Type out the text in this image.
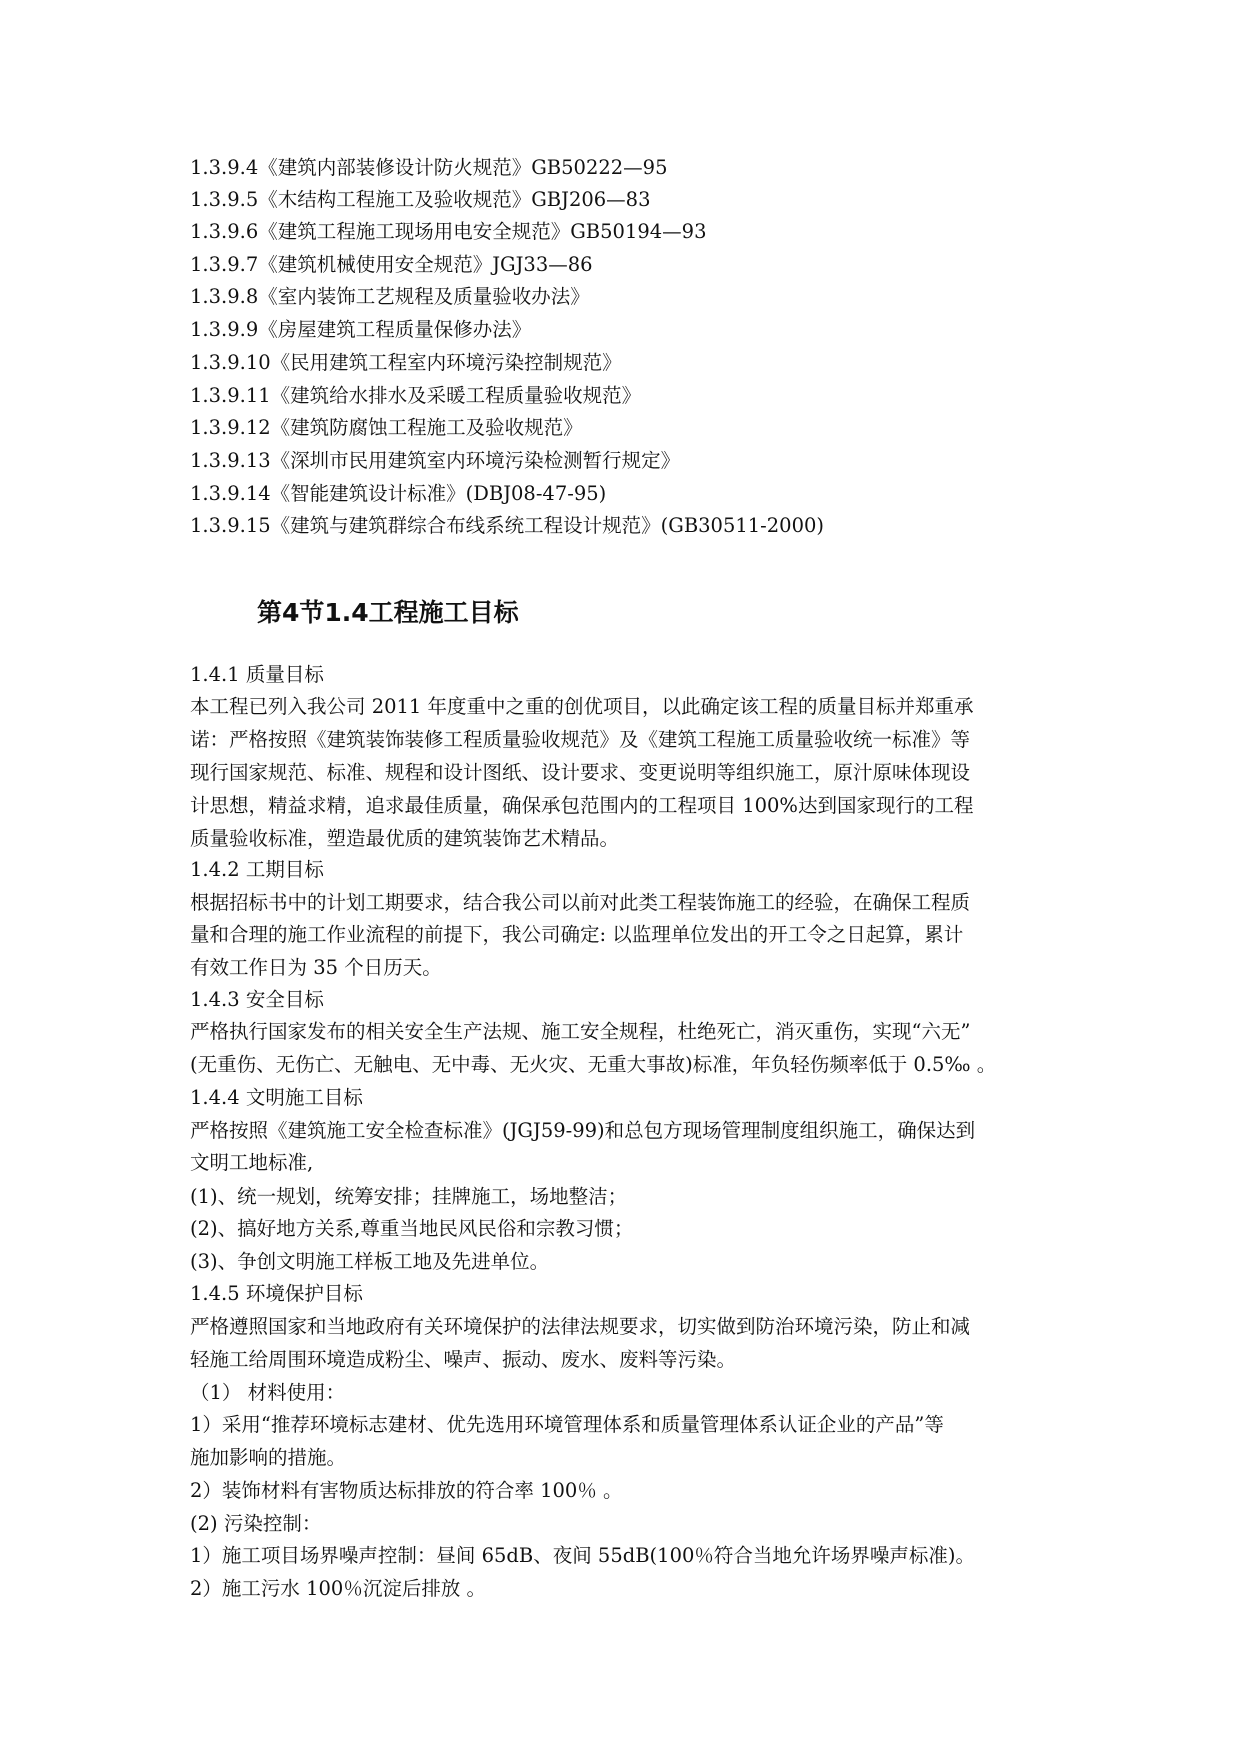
1.3.9.4《建筑内部装修设计防火规范》GB50222—95
1.3.9.5《木结构工程施工及验收规范》GBJ206—83
1.3.9.6《建筑工程施工现场用电安全规范》GB50194—93
1.3.9.7《建筑机械使用安全规范》JGJ33—86
1.3.9.8《室内装饰工艺规程及质量验收办法》
1.3.9.9《房屋建筑工程质量保修办法》
1.3.9.10《民用建筑工程室内环境污染控制规范》
1.3.9.11《建筑给水排水及采暖工程质量验收规范》
1.3.9.12《建筑防腐蚀工程施工及验收规范》
1.3.9.13《深圳市民用建筑室内环境污染检测暂行规定》
1.3.9.14《智能建筑设计标准》(DBJ08-47-95)
1.3.9.15《建筑与建筑群综合布线系统工程设计规范》(GB30511-2000)
第4节1.4工程施工目标
1.4.1 质量目标
本工程已列入我公司 2011 年度重中之重的创优项目，以此确定该工程的质量目标并郑重承
诺：严格按照《建筑装饰装修工程质量验收规范》及《建筑工程施工质量验收统一标准》等
现行国家规范、标准、规程和设计图纸、设计要求、变更说明等组织施工，原汁原味体现设
计思想，精益求精，追求最佳质量，确保承包范围内的工程项目 100%达到国家现行的工程
质量验收标准，塑造最优质的建筑装饰艺术精品。
1.4.2 工期目标
根据招标书中的计划工期要求，结合我公司以前对此类工程装饰施工的经验，在确保工程质
量和合理的施工作业流程的前提下，我公司确定: 以监理单位发出的开工令之日起算，累计
有效工作日为 35 个日历天。
1.4.3 安全目标
严格执行国家发布的相关安全生产法规、施工安全规程，杜绝死亡，消灭重伤，实现“六无”
(无重伤、无伤亡、无触电、无中毒、无火灾、无重大事故)标准，年负轻伤频率低于 0.5‰ 。
1.4.4 文明施工目标
严格按照《建筑施工安全检查标准》(JGJ59-99)和总包方现场管理制度组织施工，确保达到
文明工地标准,
(1)、统一规划，统筹安排；挂牌施工，场地整洁；
(2)、搞好地方关系,尊重当地民风民俗和宗教习惯；
(3)、争创文明施工样板工地及先进单位。
1.4.5 环境保护目标
严格遵照国家和当地政府有关环境保护的法律法规要求，切实做到防治环境污染，防止和减
轻施工给周围环境造成粉尘、噪声、振动、废水、废料等污染。
（1） 材料使用：
1）采用“推荐环境标志建材、优先选用环境管理体系和质量管理体系认证企业的产品”等
施加影响的措施。
2）装饰材料有害物质达标排放的符合率 100％ 。
(2) 污染控制：
1）施工项目场界噪声控制：昼间 65dB、夜间 55dB(100％符合当地允许场界噪声标准)。
2）施工污水 100％沉淀后排放 。
